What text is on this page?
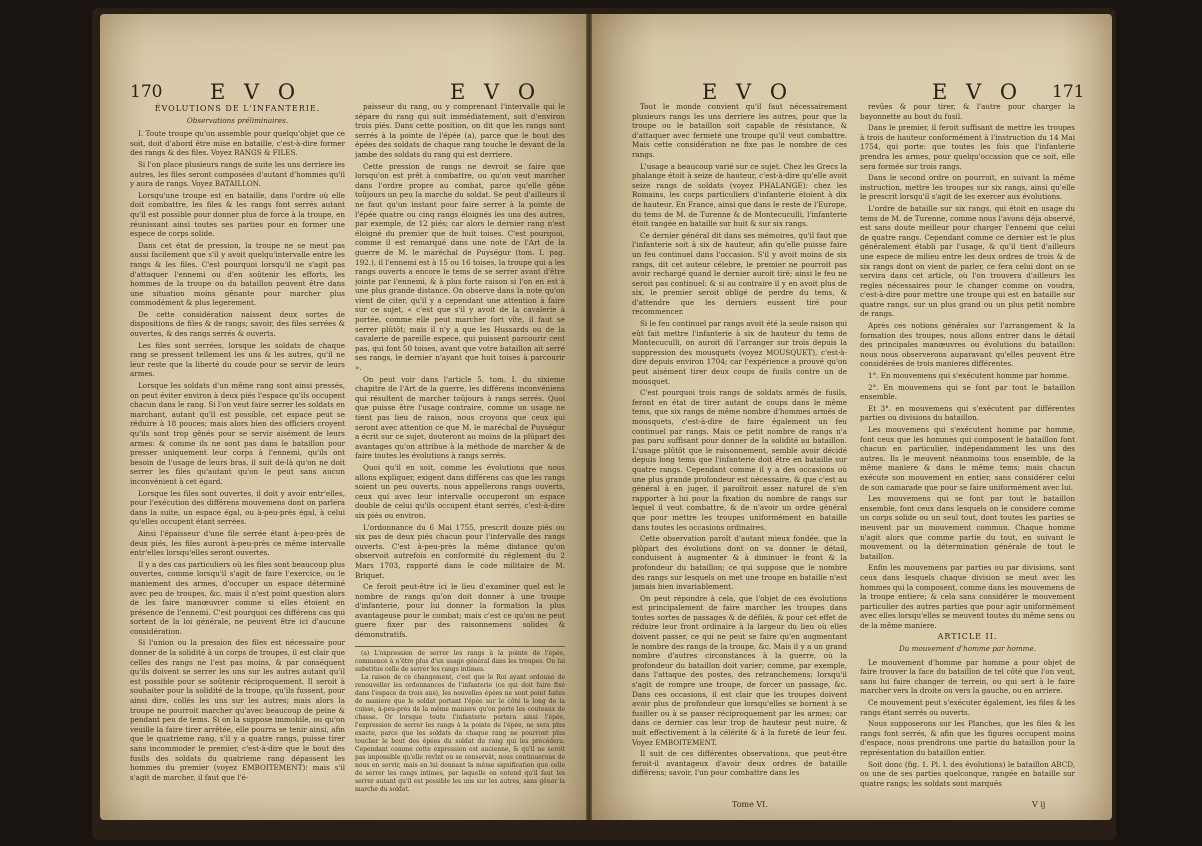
170 E V O	E V O
ÉVOLUTIONS DE L'INFANTERIE.
Observations préliminaires.

I. Toute troupe qu'on assemble pour quelqu'objet que ce soit, doit d'abord être mise en bataille, c'est-à-dire former des rangs & des files. Voyez RANGS & FILES.

Si l'on place plusieurs rangs de suite les uns derriere les autres, les files seront composées d'autant d'hommes qu'il y aura de rangs. Voyez BATAILLON.

Lorsqu'une troupe est en bataille, dans l'ordre où elle doit combattre, les files & les rangs font serrés autant qu'il est possible pour donner plus de force à la troupe, en réunissant ainsi toutes ses parties pour en former une espece de corps solide.

Dans cet état de pression, la troupe ne se meut pas aussi facilement que s'il y avoit quelqu'intervalle entre les rangs & les files. C'est pourquoi lorsqu'il ne s'agit pas d'attaquer l'ennemi ou d'en soûtenir les efforts, les hommes de la troupe ou du bataillon peuvent être dans une situation moins gênante pour marcher plus commodément & plus legerement.

De cette considération naissent deux sortes de dispositions de files & de rangs; savoir, des files serrées & ouvertes, & des rangs serrés & ouverts.

Les files sont serrées, lorsque les soldats de chaque rang se pressent tellement les uns & les autres, qu'il ne leur reste que la liberté du coude pour se servir de leurs armes.

Lorsque les soldats d'un même rang sont ainsi pressés, on peut éviter environ à deux piés l'espace qu'ils occupent chacun dans le rang. Si l'on veut faire serrer les soldats en marchant, autant qu'il est possible, cet espace peut se réduire à 18 pouces; mais alors bien des officiers croyent qu'ils sont trop gênés pour se servir aisément de leurs armes: & comme ils ne sont pas dans le bataillon pour presser uniquement leur corps à l'ennemi, qu'ils ont besoin de l'usage de leurs bras, il suit de-là qu'on ne doit serrer les files qu'autant qu'on le peut sans aucun inconvénient à cet égard.

Lorsque les files sont ouvertes, il doit y avoir entr'elles, pour l'exécution des différens mouvemens dont on parlera dans la suite, un espace égal, ou à-peu-près égal, à celui qu'elles occupent étant serrées.

Ainsi l'épaisseur d'une file serrée étant à-peu-près de deux piés, les files auront à-peu-près ce même intervalle entr'elles lorsqu'elles seront ouvertes.

Il y a des cas particuliers où les files sont beaucoup plus ouvertes, comme lorsqu'il s'agit de faire l'exercice, ou le maniement des armes, d'occuper un espace déterminé avec peu de troupes, &c. mais il n'est point question alors de les faire manœuvrer comme si elles étoient en présence de l'ennemi. C'est pourquoi ces différens cas qui sortent de la loi générale, ne peuvent être ici d'aucune considération.

Si l'union ou la pression des files est nécessaire pour donner de la solidité à un corps de troupes, il est clair que celles des rangs ne l'est pas moins, & par conséquent qu'ils doivent se serrer les uns sur les autres autant qu'il est possible pour se soûtenir réciproquement. Il seroit à souhaiter pour la solidité de la troupe, qu'ils fussent, pour ainsi dire, collés les uns sur les autres; mais alors la troupe ne pourroit marcher qu'avec beaucoup de peine & pendant peu de tems. Si on la suppose immobile, ou qu'on veuille la faire tirer arrêtée, elle pourra se tenir ainsi, afin que le quatrieme rang, s'il y a quatre rangs, puisse tirer sans incommoder le premier, c'est-à-dire que le bout des fusils des soldats du quatrieme rang dépassent les hommes du premier (voyez EMBOITEMENT): mais s'il s'agit de marcher, il faut que l'é-

paisseur du rang, ou y comprenant l'intervalle qui le sépare du rang qui suit immédiatement, soit d'environ trois piés. Dans cette position, on dit que les rangs sont serrés à la pointe de l'épée (a), parce que le bout des épées des soldats de chaque rang touche le devant de la jambe des soldats du rang qui est derriere.

Cette pression de rangs ne devroit se faire que lorsqu'on est prêt à combattre, ou qu'on veut marcher dans l'ordre propre au combat, parce qu'elle gêne toûjours un peu la marche du soldat. Se peut d'ailleurs il ne faut qu'un instant pour faire serrer à la pointe de l'épée quatre ou cinq rangs éloignés les uns des autres, par exemple, de 12 piés; car alors le dernier rang n'est éloigné du premier que de huit toises. C'est pourquoi, comme il est remarqué dans une note de l'Art de la guerre de M. le maréchal de Puységur (tom. I. pag. 192.), il l'ennemi est à 15 ou 16 toises, la troupe qui a les rangs ouverts a encore le tems de se serrer avant d'être jointe par l'ennemi, & à plus forte raison si l'on en est à une plus grande distance. On observe dans la note qu'on vient de citer, qu'il y a cependant une attention à faire sur ce sujet, « c'est que s'il y avoit de la cavalerie à portée, comme elle peut marcher fort vîte, il faut se serrer plûtôt; mais il n'y a que les Hussards ou de la cavalerie de pareille espece, qui puissent parcourir cent pas, qui font 50 toises, avant que votre bataillon ait serré ses rangs, le dernier n'ayant que huit toises à parcourir ».

On peut voir dans l'article 5. tom. I. du sixieme chapitre de l'Art de la guerre, les différens inconvéniens qui résultent de marcher toûjours à rangs serrés. Quoi que puisse être l'usage contraire, comme un usage ne tient pas lieu de raison, nous croyons que ceux qui seront avec attention ce que M. le maréchal de Puységur a écrit sur ce sujet, douteront au moins de la plûpart des avantages qu'on attribue à la méthode de marcher & de faire toutes les évolutions à rangs serrés.

Quoi qu'il en soit, comme les évolutions que nous allons expliquer, exigent dans différens cas que les rangs soient un peu ouverts, nous appellerons rangs ouverts, ceux qui avec leur intervalle occuperont un espace double de celui qu'ils occupent étant serrés, c'est-à-dire six piés ou environ.

L'ordonnance du 6 Mai 1755, prescrit douze piés ou six pas de deux piés chacun pour l'intervalle des rangs ouverts. C'est à-peu-près la même distance qu'on observoit autrefois en conformité du réglement du 2 Mars 1703, rapporté dans le code militaire de M. Briquet.

Ce feroit peut-être ici le lieu d'examiner quel est le nombre de rangs qu'on doit donner à une troupe d'infanterie, pour lui donner la formation la plus avantageuse pour le combat; mais c'est ce qu'on ne peut guere fixer par des raisonnemens solides & démonstratifs.

(a) L'expression de serrer les rangs à la pointe de l'épée, commence à n'être plus d'un usage général dans les troupes. On lui substitue celle de serrer les rangs intimes.

La raison de ce changement, c'est que le Roi ayant ordonné de renouveller les ordonnances de l'infanterie (ce qui doit faire fixé dans l'espace de trois ans), les nouvelles épées ne sont point faites de maniere que le soldat portant l'épée sur le côté le long de la cuisse, à-peu-près de la même maniere qu'on porte les couteaux de chasse. Or lorsque toute l'infanterie portera ainsi l'épée, l'expression de serrer les rangs à la pointe de l'épée, ne sera plus exacte, parce que les soldats de chaque rang ne pourront plus toucher le bout des épées du soldat du rang qui les précédera. Cependant comme cette expression est ancienne, & qu'il ne seroit pas impossible qu'elle revînt ou se conservât, nous continuerons de nous en servir, mais en lui donnant la même signification que celle de serrer les rangs intimes, par laquelle on entend qu'il faut les serrer autant qu'il est possible les uns sur les autres, sans gêner la marche du soldat.

E V O	E V O 171

Tout le monde convient qu'il faut nécessairement plusieurs rangs les uns derriere les autres, pour que la troupe ou le bataillon soit capable de résistance, & d'attaquer avec fermeté une troupe qu'il veut combattre. Mais cette considération ne fixe pas le nombre de ces rangs.

L'usage a beaucoup varié sur ce sujet. Chez les Grecs la phalange étoit à seize de hauteur, c'est-à-dire qu'elle avoit seize rangs de soldats (voyez PHALANGE): chez les Romains, les corps particuliers d'infanterie étoient à dix de hauteur. En France, ainsi que dans le reste de l'Europe, du tems de M. de Turenne & de Montecuculli, l'infanterie étoit rangée en bataille sur huit & sur six rangs.

Ce dernier général dit dans ses mémoires, qu'il faut que l'infanterie soit à six de hauteur, afin qu'elle puisse faire un feu continuel dans l'occasion. S'il y avoit moins de six rangs, dit cet auteur célebre, le premier ne pourroit pas avoir rechargé quand le dernier auroit tiré; ainsi le feu ne seroit pas continuel: & si au contraire il y en avoit plus de six, le premier seroit obligé de perdre du tems, & d'attendre que les derniers eussent tiré pour recommencer.

Si le feu continuel par rangs avoit été la seule raison qui eût fait mettre l'infanterie à six de hauteur du tems de Montecuculli, on auroit dû l'arranger sur trois depuis la suppression des mousquets (voyez MOUSQUET), c'est-à-dire depuis environ 1704; car l'expérience a prouvé qu'on peut aisément tirer deux coups de fusils contre un de mousquet.

C'est pourquoi trois rangs de soldats armés de fusils, feront en état de tirer autant de coups dans le même tems, que six rangs de même nombre d'hommes armés de mousquets, c'est-à-dire de faire également un feu continuel par rangs. Mais ce petit nombre de rangs n'a pas paru suffisant pour donner de la solidité au bataillon. L'usage plûtôt que le raisonnement, semble avoir décidé depuis long tems que l'infanterie doit être en bataille sur quatre rangs. Cependant comme il y a des occasions où une plus grande profondeur est nécessaire, & que c'est au général à en juger, il paroîtroit assez naturel de s'en rapporter à lui pour la fixation du nombre de rangs sur lequel il veut combattre, & de n'avoir un ordre général que pour mettre les troupes uniformément en bataille dans toutes les occasions ordinaires.

Cette observation paroît d'autant mieux fondée, que la plûpart des évolutions dont on va donner le détail, conduisent à augmenter & à diminuer le front & la profondeur du bataillon; ce qui suppose que le nombre des rangs sur lesquels on met une troupe en bataille n'est jamais bien invariablement.

On peut répondre à cela, que l'objet de ces évolutions est principalement de faire marcher les troupes dans toutes sortes de passages & de défilés, & pour cet effet de réduire leur front ordinaire à la largeur du lieu où elles doivent passer, ce qui ne peut se faire qu'en augmentant le nombre des rangs de la troupe, &c. Mais il y a un grand nombre d'autres circonstances à la guerre, où la profondeur du bataillon doit varier; comme, par exemple, dans l'attaque des postes, des retranchemens; lorsqu'il s'agit de rompre une troupe, de forcer un passage, &c. Dans ces occasions, il est clair que les troupes doivent avoir plus de profondeur que lorsqu'elles se bornent à se fusiller ou à se passer réciproquement par les armes; car dans ce dernier cas leur trop de hauteur peut nuire, & nuit effectivement à la célérité & à la fureté de leur feu. Voyez EMBOITEMENT.

Il suit de ces différentes observations, que peut-être feroit-il avantageux d'avoir deux ordres de bataille différens; savoir, l'un pour combattre dans les

revûes & pour tirer, & l'autre pour charger la bayonnette au bout du fusil.

Dans le premier, il feroit suffisant de mettre les troupes à trois de hauteur conformément à l'instruction du 14 Mai 1754, qui porte: que toutes les fois que l'infanterie prendra les armes, pour quelqu'occasion que ce soit, elle sera formée sur trois rangs.

Dans le second ordre on pourroit, en suivant la même instruction, mettre les troupes sur six rangs, ainsi qu'elle le prescrit lorsqu'il s'agit de les exercer aux évolutions.

L'ordre de bataille sur six rangs, qui étoit en usage du tems de M. de Turenne, comme nous l'avons déja observé, est sans doute meilleur pour charger l'ennemi que celui de quatre rangs. Cependant comme ce dernier est le plus généralement établi par l'usage, & qu'il tient d'ailleurs une espece de milieu entre les deux ordres de trois & de six rangs dont on vient de parler, ce fera celui dont on se servira dans cet article, où l'on trouvera d'ailleurs les regles nécessaires pour le changer comme on voudra, c'est-à-dire pour mettre une troupe qui est en bataille sur quatre rangs, sur un plus grand ou un plus petit nombre de rangs.

Après ces notions générales sur l'arrangement & la formation des troupes, nous allons entrer dans le détail des principales manœuvres ou évolutions du bataillon: nous nous observerons auparavant qu'elles peuvent être considérées de trois manieres différentes.

1°. En mouvemens qui s'exécutent homme par homme.

2°. En mouvemens qui se font par tout le bataillon ensemble.

Et 3°. en mouvemens qui s'exécutent par différentes parties ou divisions du bataillon.

Les mouvemens qui s'exécutent homme par homme, font ceux que les hommes qui composent le bataillon font chacun en particulier, indépendamment les uns des autres. Ils le meuvent néanmoins tous ensemble, de la même maniere & dans le même tems; mais chacun exécute son mouvement en entier, sans considérer celui de son camarade que pour se faire uniformément avec lui.

Les mouvemens qui se font par tout le bataillon ensemble, font ceux dans lesquels on le considere comme un corps solide ou un seul tout, dont toutes les parties se meuvent par un mouvement commun. Chaque homme n'agit alors que comme partie du tout, en suivant le mouvement ou la détermination générale de tout le bataillon.

Enfin les mouvemens par parties ou par divisions, sont ceux dans lesquels chaque division se meut avec les hommes qui la composent, comme dans les mouvemens de la troupe entiere; & cela sans considérer le mouvement particulier des autres parties que pour agir uniformément avec elles lorsqu'elles se meuvent toutes du même sens ou de la même maniere.

ARTICLE II.
Du mouvement d'homme par homme.

Le mouvement d'homme par homme a pour objet de faire trouver la face du bataillon de tel côté que l'on veut, sans lui faire changer de terrein, ou qui sert à le faire marcher vers la droite ou vers la gauche, ou en arriere.

Ce mouvement peut s'exécuter également, les files & les rangs étant serrés ou ouverts.

Nous supposerons sur les Planches, que les files & les rangs font serrés, & afin que les figures occupent moins d'espace, nous prendrons une partie du bataillon pour la représentation du bataillon entier.

Soit donc (fig. 1. Pl. I. des évolutions) le bataillon ABCD, ou une de ses parties quelconque, rangée en bataille sur quatre rangs; les soldats sont marqués

Tome VI.	V ij
